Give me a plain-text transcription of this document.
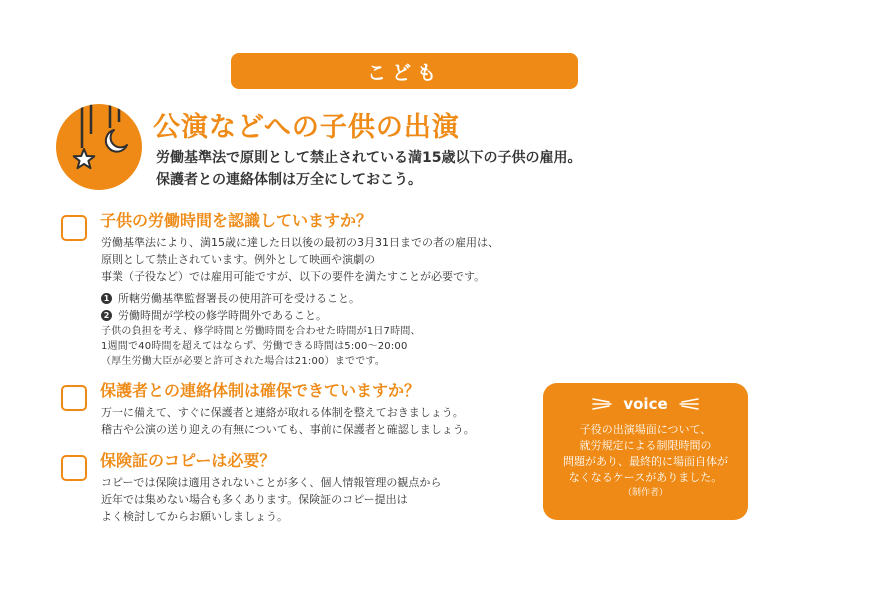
こども
公演などへの子供の出演
労働基準法で原則として禁止されている満15歳以下の子供の雇用。
保護者との連絡体制は万全にしておこう。
子供の労働時間を認識していますか？
労働基準法により、満15歳に達した日以後の最初の3月31日までの者の雇用は、
原則として禁止されています。例外として映画や演劇の
事業（子役など）では雇用可能ですが、以下の要件を満たすことが必要です。
1 所轄労働基準監督署長の使用許可を受けること。
2 労働時間が学校の修学時間外であること。
子供の負担を考え、修学時間と労働時間を合わせた時間が1日7時間、
1週間で40時間を超えてはならず、労働できる時間は5:00～20:00
（厚生労働大臣が必要と許可された場合は21:00）までです。
保護者との連絡体制は確保できていますか？
万一に備えて、すぐに保護者と連絡が取れる体制を整えておきましょう。
稽古や公演の送り迎えの有無についても、事前に保護者と確認しましょう。
保険証のコピーは必要？
コピーでは保険は適用されないことが多く、個人情報管理の観点から
近年では集めない場合も多くあります。保険証のコピー提出は
よく検討してからお願いしましょう。
voice
子役の出演場面について、
就労規定による制限時間の
問題があり、最終的に場面自体が
なくなるケースがありました。
（制作者）
